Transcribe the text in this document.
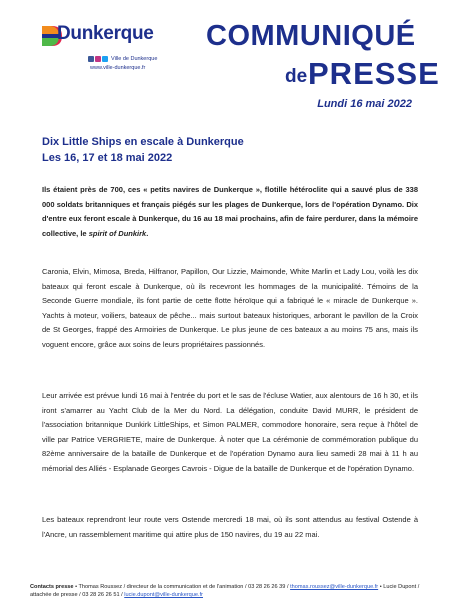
Dunkerque
Ville de Dunkerque
www.ville-dunkerque.fr
COMMUNIQUÉ
de PRESSE
Lundi 16 mai 2022
Dix Little Ships en escale à Dunkerque
Les 16, 17 et 18 mai 2022
Ils étaient près de 700, ces « petits navires de Dunkerque », flotille hétéroclite qui a sauvé plus de 338 000 soldats britanniques et français piégés sur les plages de Dunkerque, lors de l'opération Dynamo. Dix d'entre eux feront escale à Dunkerque, du 16 au 18 mai prochains, afin de faire perdurer, dans la mémoire collective, le spirit of Dunkirk.
Caronia, Elvin, Mimosa, Breda, Hilfranor, Papillon, Our Lizzie, Maimonde, White Marlin et Lady Lou, voilà les dix bateaux qui feront escale à Dunkerque, où ils recevront les hommages de la municipalité. Témoins de la Seconde Guerre mondiale, ils font partie de cette flotte héroïque qui a fabriqué le « miracle de Dunkerque ». Yachts à moteur, voiliers, bateaux de pêche... mais surtout bateaux historiques, arborant le pavillon de la Croix de St Georges, frappé des Armoiries de Dunkerque. Le plus jeune de ces bateaux a au moins 75 ans, mais ils voguent encore, grâce aux soins de leurs propriétaires passionnés.
Leur arrivée est prévue lundi 16 mai à l'entrée du port et le sas de l'écluse Watier, aux alentours de 16 h 30, et ils iront s'amarrer au Yacht Club de la Mer du Nord. La délégation, conduite David MURR, le président de l'association britannique Dunkirk LittleShips, et Simon PALMER, commodore honoraire, sera reçue à l'hôtel de ville par Patrice VERGRIETE, maire de Dunkerque. À noter que La cérémonie de commémoration publique du 82ème anniversaire de la bataille de Dunkerque et de l'opération Dynamo aura lieu samedi 28 mai à 11 h au mémorial des Alliés - Esplanade Georges Cavrois - Digue de la bataille de Dunkerque et de l'opération Dynamo.
Les bateaux reprendront leur route vers Ostende mercredi 18 mai, où ils sont attendus au festival Ostende à l'Ancre, un rassemblement maritime qui attire plus de 150 navires, du 19 au 22 mai.
Contacts presse • Thomas Roussez / directeur de la communication et de l'animation / 03 28 26 26 39 / thomas.roussez@ville-dunkerque.fr • Lucie Dupont / attachée de presse / 03 28 26 26 51 / lucie.dupont@ville-dunkerque.fr
